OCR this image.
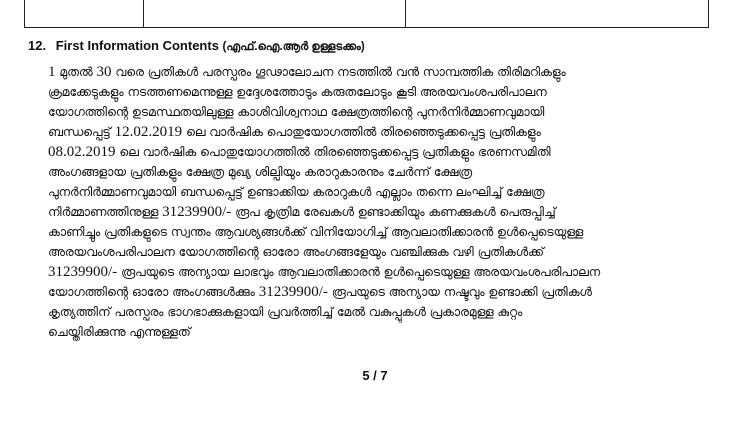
12. First Information Contents (എഫ്.ഐ.ആർ ഉള്ളടക്കം)
1 മുതൽ 30 വരെ പ്രതികൾ പരസ്പരം ഗൂഢാലോചന നടത്തിൽ വൻ സാമ്പത്തിക തിരിമറികളും
ക്രമക്കേടുകളും നടത്തണമെന്നുള്ള ഉദ്ദേശത്തോടും കരുതലോടും കൂടി അരയവംശപരിപാലന
യോഗത്തിന്റെ ഉടമസ്ഥതയിലുള്ള കാശിവിശ്വനാഥ ക്ഷേത്രത്തിന്റെ പുനർനിർമ്മാണവുമായി
ബന്ധപ്പെട്ട് 12.02.2019 ലെ വാർഷിക പൊതുയോഗത്തിൽ തിരഞ്ഞെടുക്കപ്പെട്ട പ്രതികളും
08.02.2019 ലെ വാർഷിക പൊതുയോഗത്തിൽ തിരഞ്ഞെടുക്കപ്പെട്ട പ്രതികളും ഭരണസമിതി
അംഗങ്ങളായ പ്രതികളും ക്ഷേത്ര മുഖ്യ ശില്പിയും കരാറുകാരനും ചേർന്ന് ക്ഷേത്ര
പുനർനിർമ്മാണവുമായി ബന്ധപ്പെട്ട് ഉണ്ടാക്കിയ കരാറുകൾ എല്ലാം തന്നെ ലംഘിച്ച് ക്ഷേത്ര
നിർമ്മാണത്തിനുള്ള 31239900/- രൂപ കൃത്രിമ രേഖകൾ ഉണ്ടാക്കിയും കണക്കുകൾ പെരുപ്പിച്ച്
കാണിച്ചും പ്രതികളുടെ സ്വന്തം ആവശ്യങ്ങൾക്ക് വിനിയോഗിച്ച് ആവലാതിക്കാരൻ ഉൾപ്പെടെയുള്ള
അരയവംശപരിപാലന യോഗത്തിന്റെ ഓരോ അംഗങ്ങളേയും വഞ്ചിക്കുക വഴി പ്രതികൾക്ക്
31239900/- രൂപയുടെ അന്യായ ലാഭവും ആവലാതിക്കാരൻ ഉൾപ്പെടെയുള്ള അരയവംശപരിപാലന
യോഗത്തിന്റെ ഓരോ അംഗങ്ങൾക്കും 31239900/- രൂപയുടെ അന്യായ നഷ്ടവും ഉണ്ടാക്കി പ്രതികൾ
കൃത്യത്തിന് പരസ്പരം ഭാഗഭാക്കുകളായി പ്രവർത്തിച്ച് മേൽ വകുപ്പുകൾ പ്രകാരമുള്ള കുറ്റം
ചെയ്തിരിക്കുന്നു എന്നുള്ളത്
5 / 7
